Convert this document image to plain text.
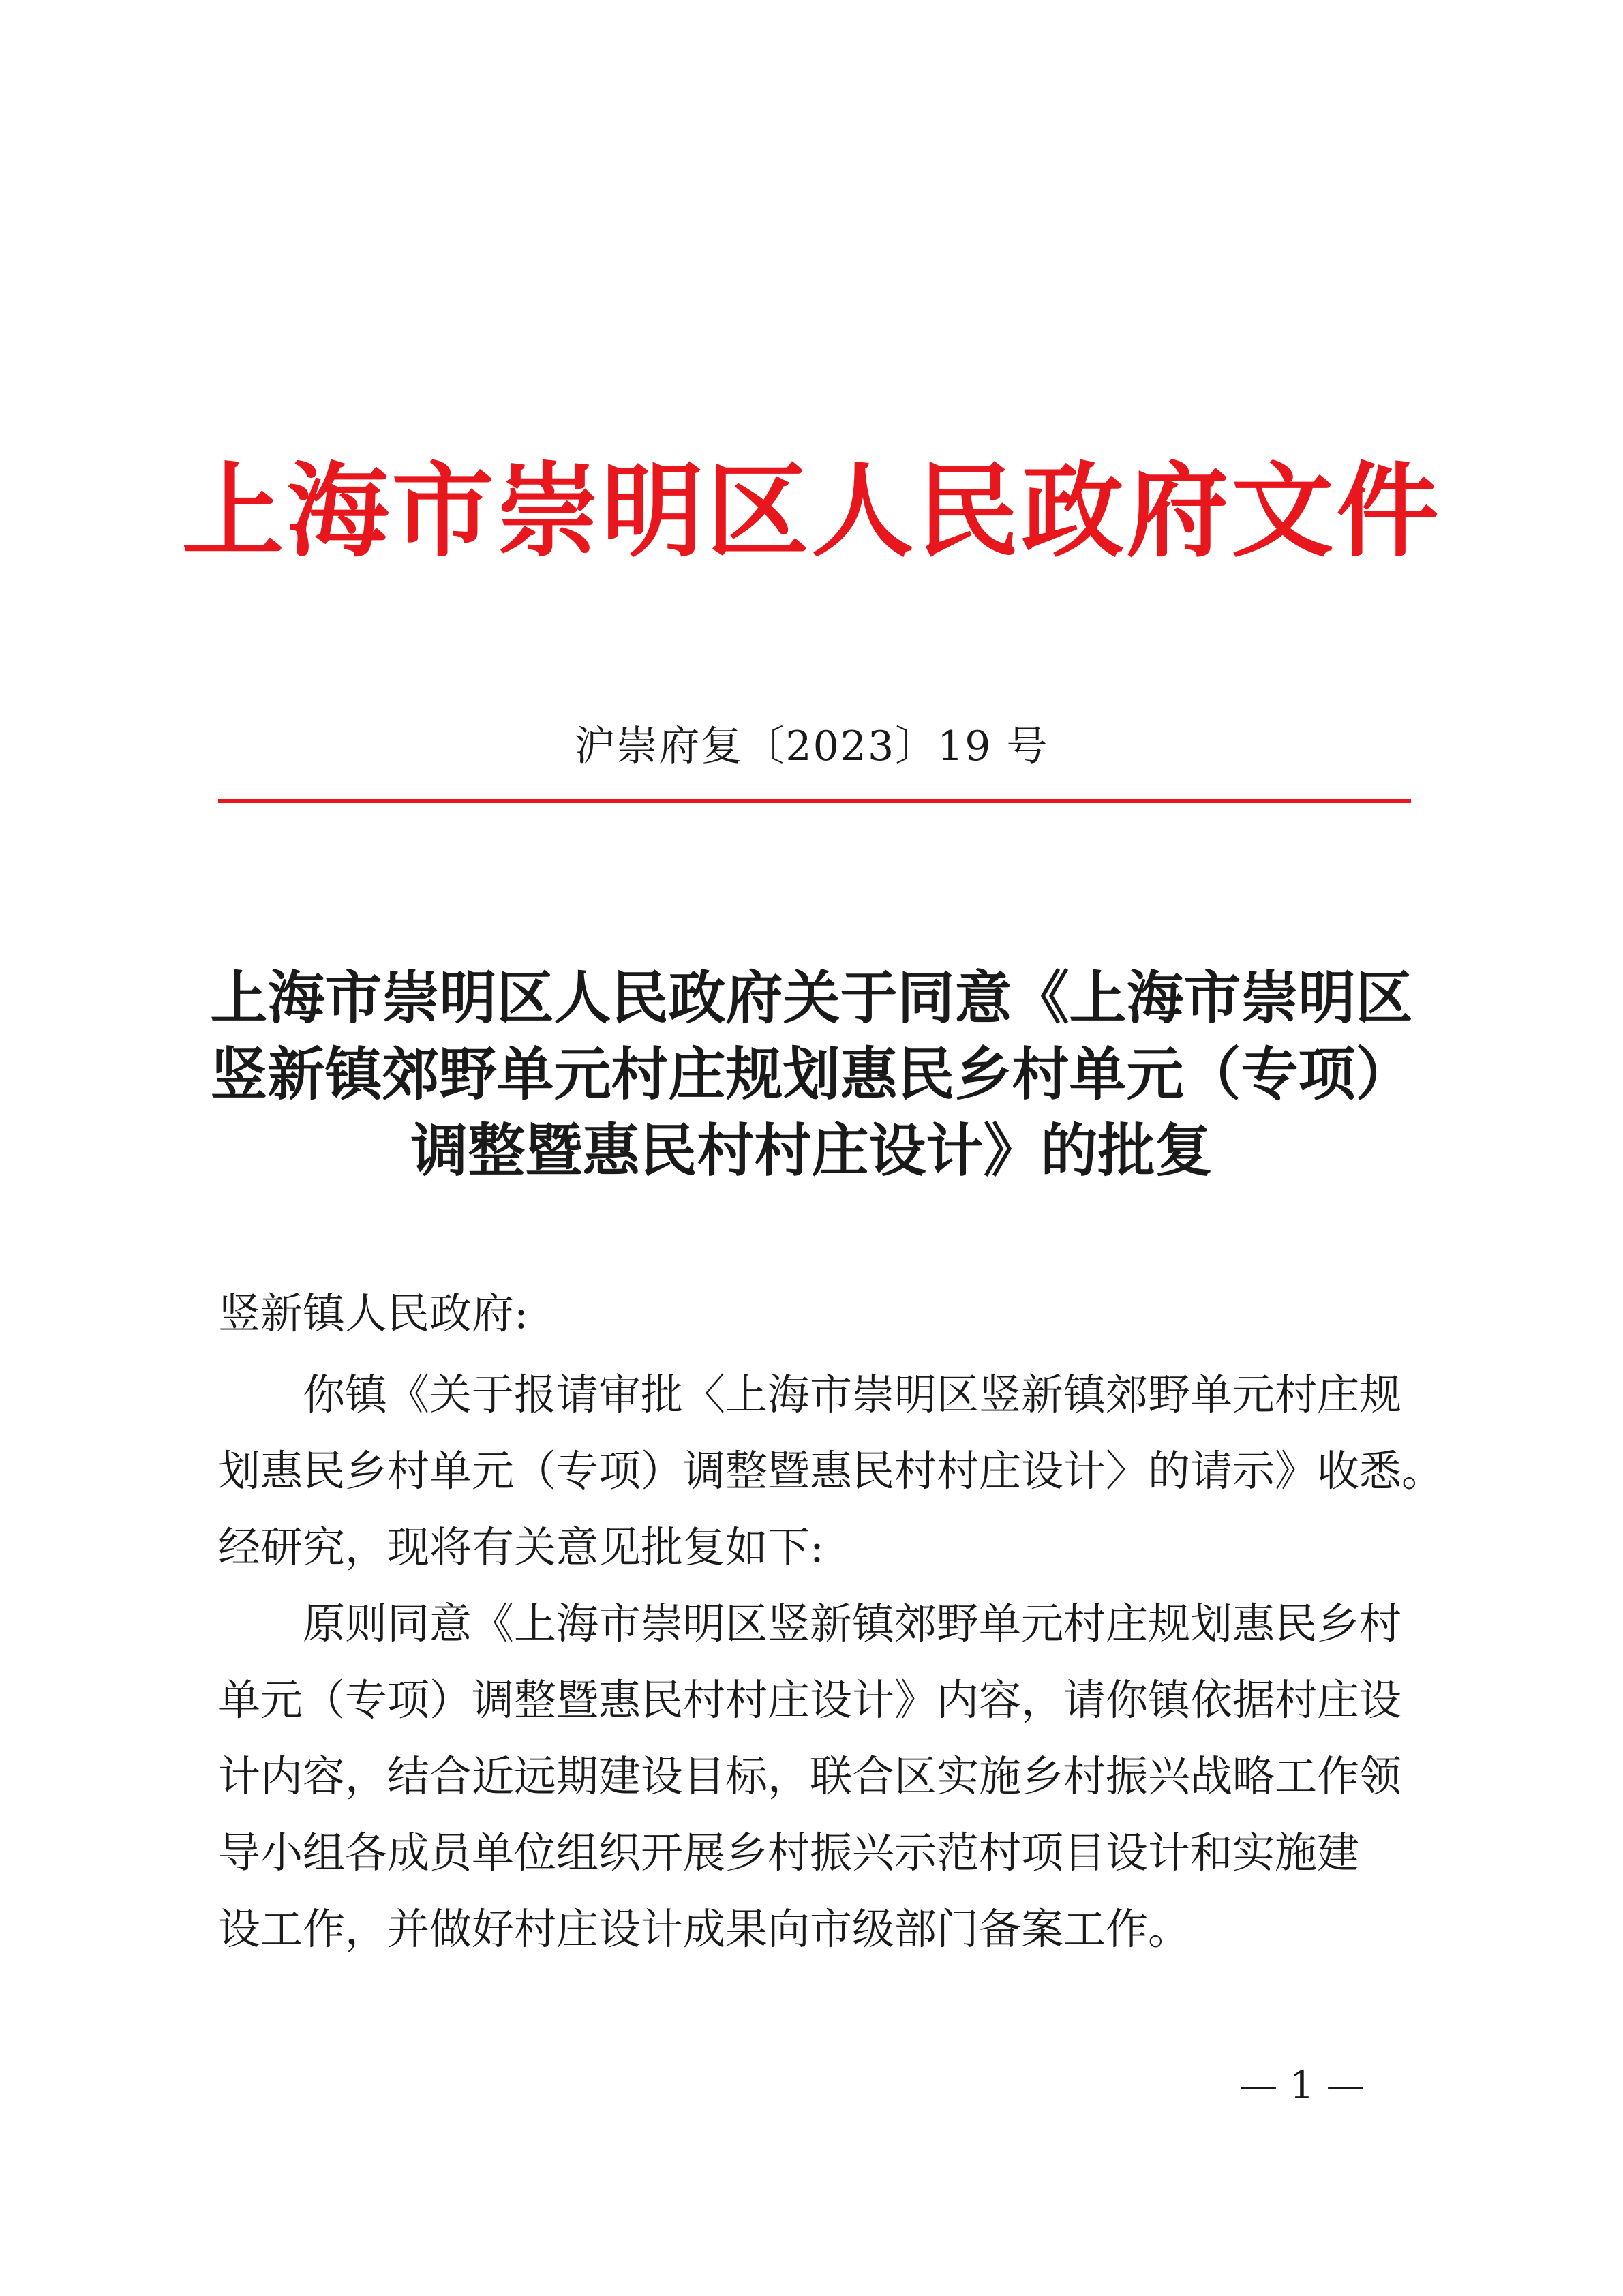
上海市崇明区人民政府文件
沪崇府复〔2023〕19 号
上海市崇明区人民政府关于同意《上海市崇明区
竖新镇郊野单元村庄规划惠民乡村单元（专项）
调整暨惠民村村庄设计》的批复
竖新镇人民政府:
你镇《关于报请审批〈上海市崇明区竖新镇郊野单元村庄规
划惠民乡村单元（专项）调整暨惠民村村庄设计〉的请示》收悉。
经研究，现将有关意见批复如下:
原则同意《上海市崇明区竖新镇郊野单元村庄规划惠民乡村
单元（专项）调整暨惠民村村庄设计》内容，请你镇依据村庄设
计内容，结合近远期建设目标，联合区实施乡村振兴战略工作领
导小组各成员单位组织开展乡村振兴示范村项目设计和实施建
设工作，并做好村庄设计成果向市级部门备案工作。
— 1 —
